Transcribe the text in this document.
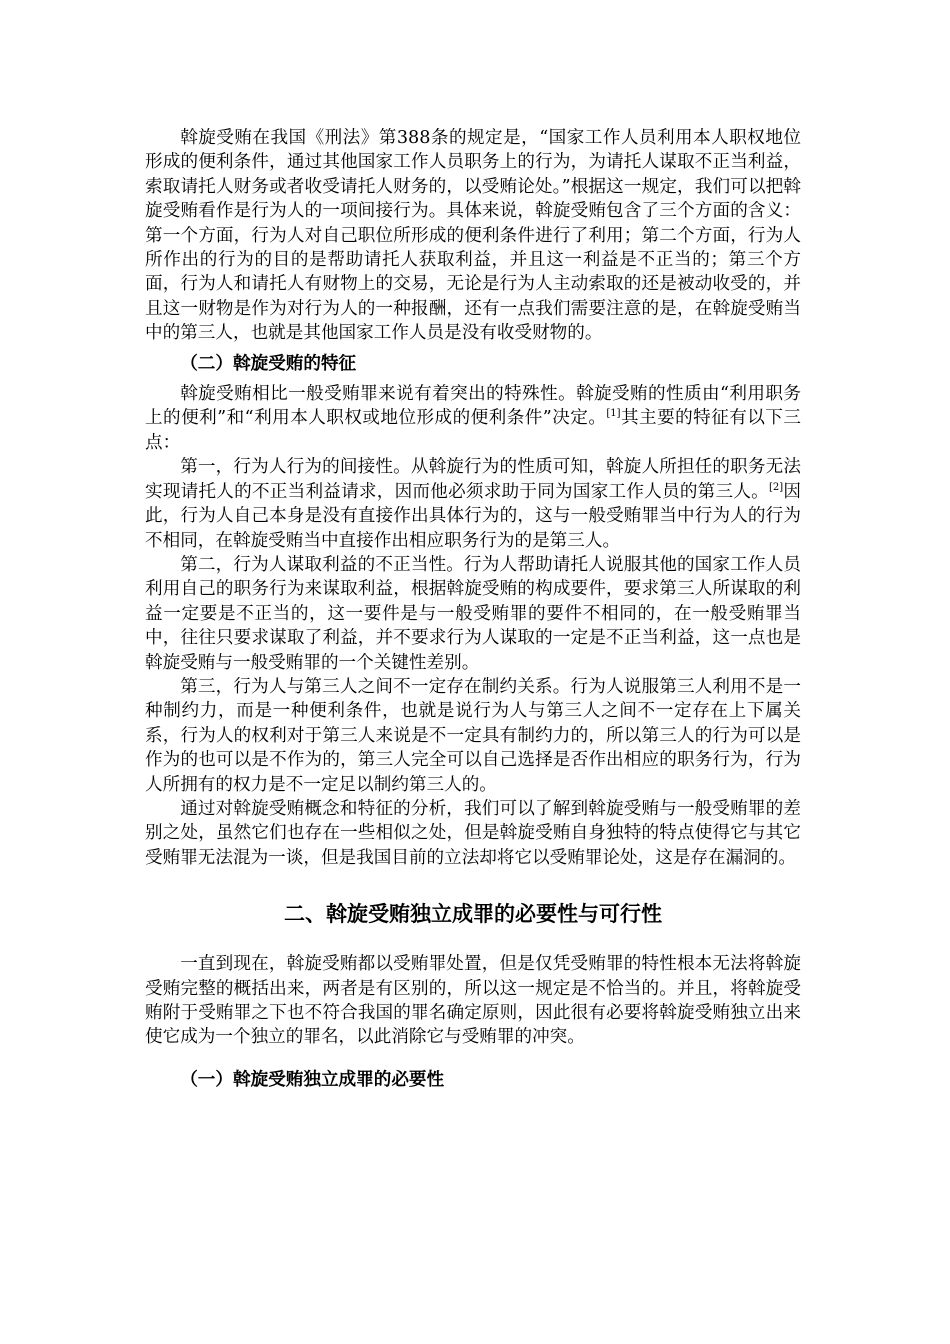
斡旋受贿在我国《刑法》第388条的规定是，“国家工作人员利用本人职权地位形成的便利条件，通过其他国家工作人员职务上的行为，为请托人谋取不正当利益，索取请托人财务或者收受请托人财务的，以受贿论处。”根据这一规定，我们可以把斡旋受贿看作是行为人的一项间接行为。具体来说，斡旋受贿包含了三个方面的含义：第一个方面，行为人对自己职位所形成的便利条件进行了利用；第二个方面，行为人所作出的行为的目的是帮助请托人获取利益，并且这一利益是不正当的；第三个方面，行为人和请托人有财物上的交易，无论是行为人主动索取的还是被动收受的，并且这一财物是作为对行为人的一种报酬，还有一点我们需要注意的是，在斡旋受贿当中的第三人，也就是其他国家工作人员是没有收受财物的。

（二）斡旋受贿的特征

斡旋受贿相比一般受贿罪来说有着突出的特殊性。斡旋受贿的性质由“利用职务上的便利”和“利用本人职权或地位形成的便利条件”决定。[1]其主要的特征有以下三点：

第一，行为人行为的间接性。从斡旋行为的性质可知，斡旋人所担任的职务无法实现请托人的不正当利益请求，因而他必须求助于同为国家工作人员的第三人。[2]因此，行为人自己本身是没有直接作出具体行为的，这与一般受贿罪当中行为人的行为不相同，在斡旋受贿当中直接作出相应职务行为的是第三人。

第二，行为人谋取利益的不正当性。行为人帮助请托人说服其他的国家工作人员利用自己的职务行为来谋取利益，根据斡旋受贿的构成要件，要求第三人所谋取的利益一定要是不正当的，这一要件是与一般受贿罪的要件不相同的，在一般受贿罪当中，往往只要求谋取了利益，并不要求行为人谋取的一定是不正当利益，这一点也是斡旋受贿与一般受贿罪的一个关键性差别。

第三，行为人与第三人之间不一定存在制约关系。行为人说服第三人利用不是一种制约力，而是一种便利条件，也就是说行为人与第三人之间不一定存在上下属关系，行为人的权利对于第三人来说是不一定具有制约力的，所以第三人的行为可以是作为的也可以是不作为的，第三人完全可以自己选择是否作出相应的职务行为，行为人所拥有的权力是不一定足以制约第三人的。

通过对斡旋受贿概念和特征的分析，我们可以了解到斡旋受贿与一般受贿罪的差别之处，虽然它们也存在一些相似之处，但是斡旋受贿自身独特的特点使得它与其它受贿罪无法混为一谈，但是我国目前的立法却将它以受贿罪论处，这是存在漏洞的。

二、斡旋受贿独立成罪的必要性与可行性

一直到现在，斡旋受贿都以受贿罪处置，但是仅凭受贿罪的特性根本无法将斡旋受贿完整的概括出来，两者是有区别的，所以这一规定是不恰当的。并且，将斡旋受贿附于受贿罪之下也不符合我国的罪名确定原则，因此很有必要将斡旋受贿独立出来使它成为一个独立的罪名，以此消除它与受贿罪的冲突。

（一）斡旋受贿独立成罪的必要性
